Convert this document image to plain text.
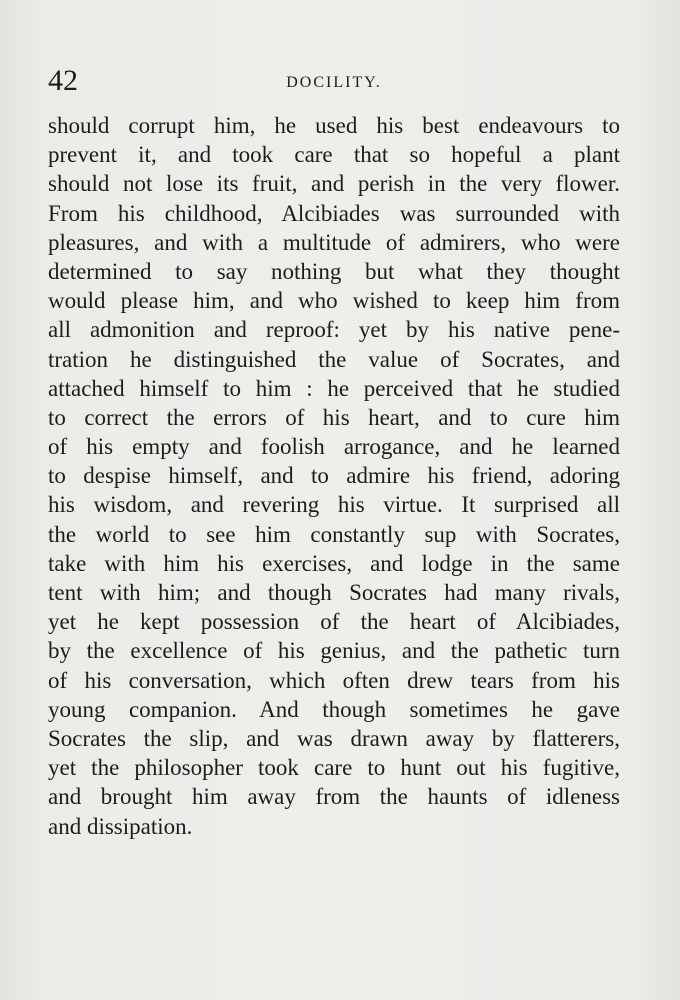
42	DOCILITY.
should corrupt him, he used his best endeavours to
prevent it, and took care that so hopeful a plant
should not lose its fruit, and perish in the very flower.
From his childhood, Alcibiades was surrounded with
pleasures, and with a multitude of admirers, who were
determined to say nothing but what they thought
would please him, and who wished to keep him from
all admonition and reproof: yet by his native pene-
tration he distinguished the value of Socrates, and
attached himself to him : he perceived that he studied
to correct the errors of his heart, and to cure him
of his empty and foolish arrogance, and he learned
to despise himself, and to admire his friend, adoring
his wisdom, and revering his virtue. It surprised all
the world to see him constantly sup with Socrates,
take with him his exercises, and lodge in the same
tent with him; and though Socrates had many rivals,
yet he kept possession of the heart of Alcibiades,
by the excellence of his genius, and the pathetic turn
of his conversation, which often drew tears from his
young companion. And though sometimes he gave
Socrates the slip, and was drawn away by flatterers,
yet the philosopher took care to hunt out his fugitive,
and brought him away from the haunts of idleness
and dissipation.
